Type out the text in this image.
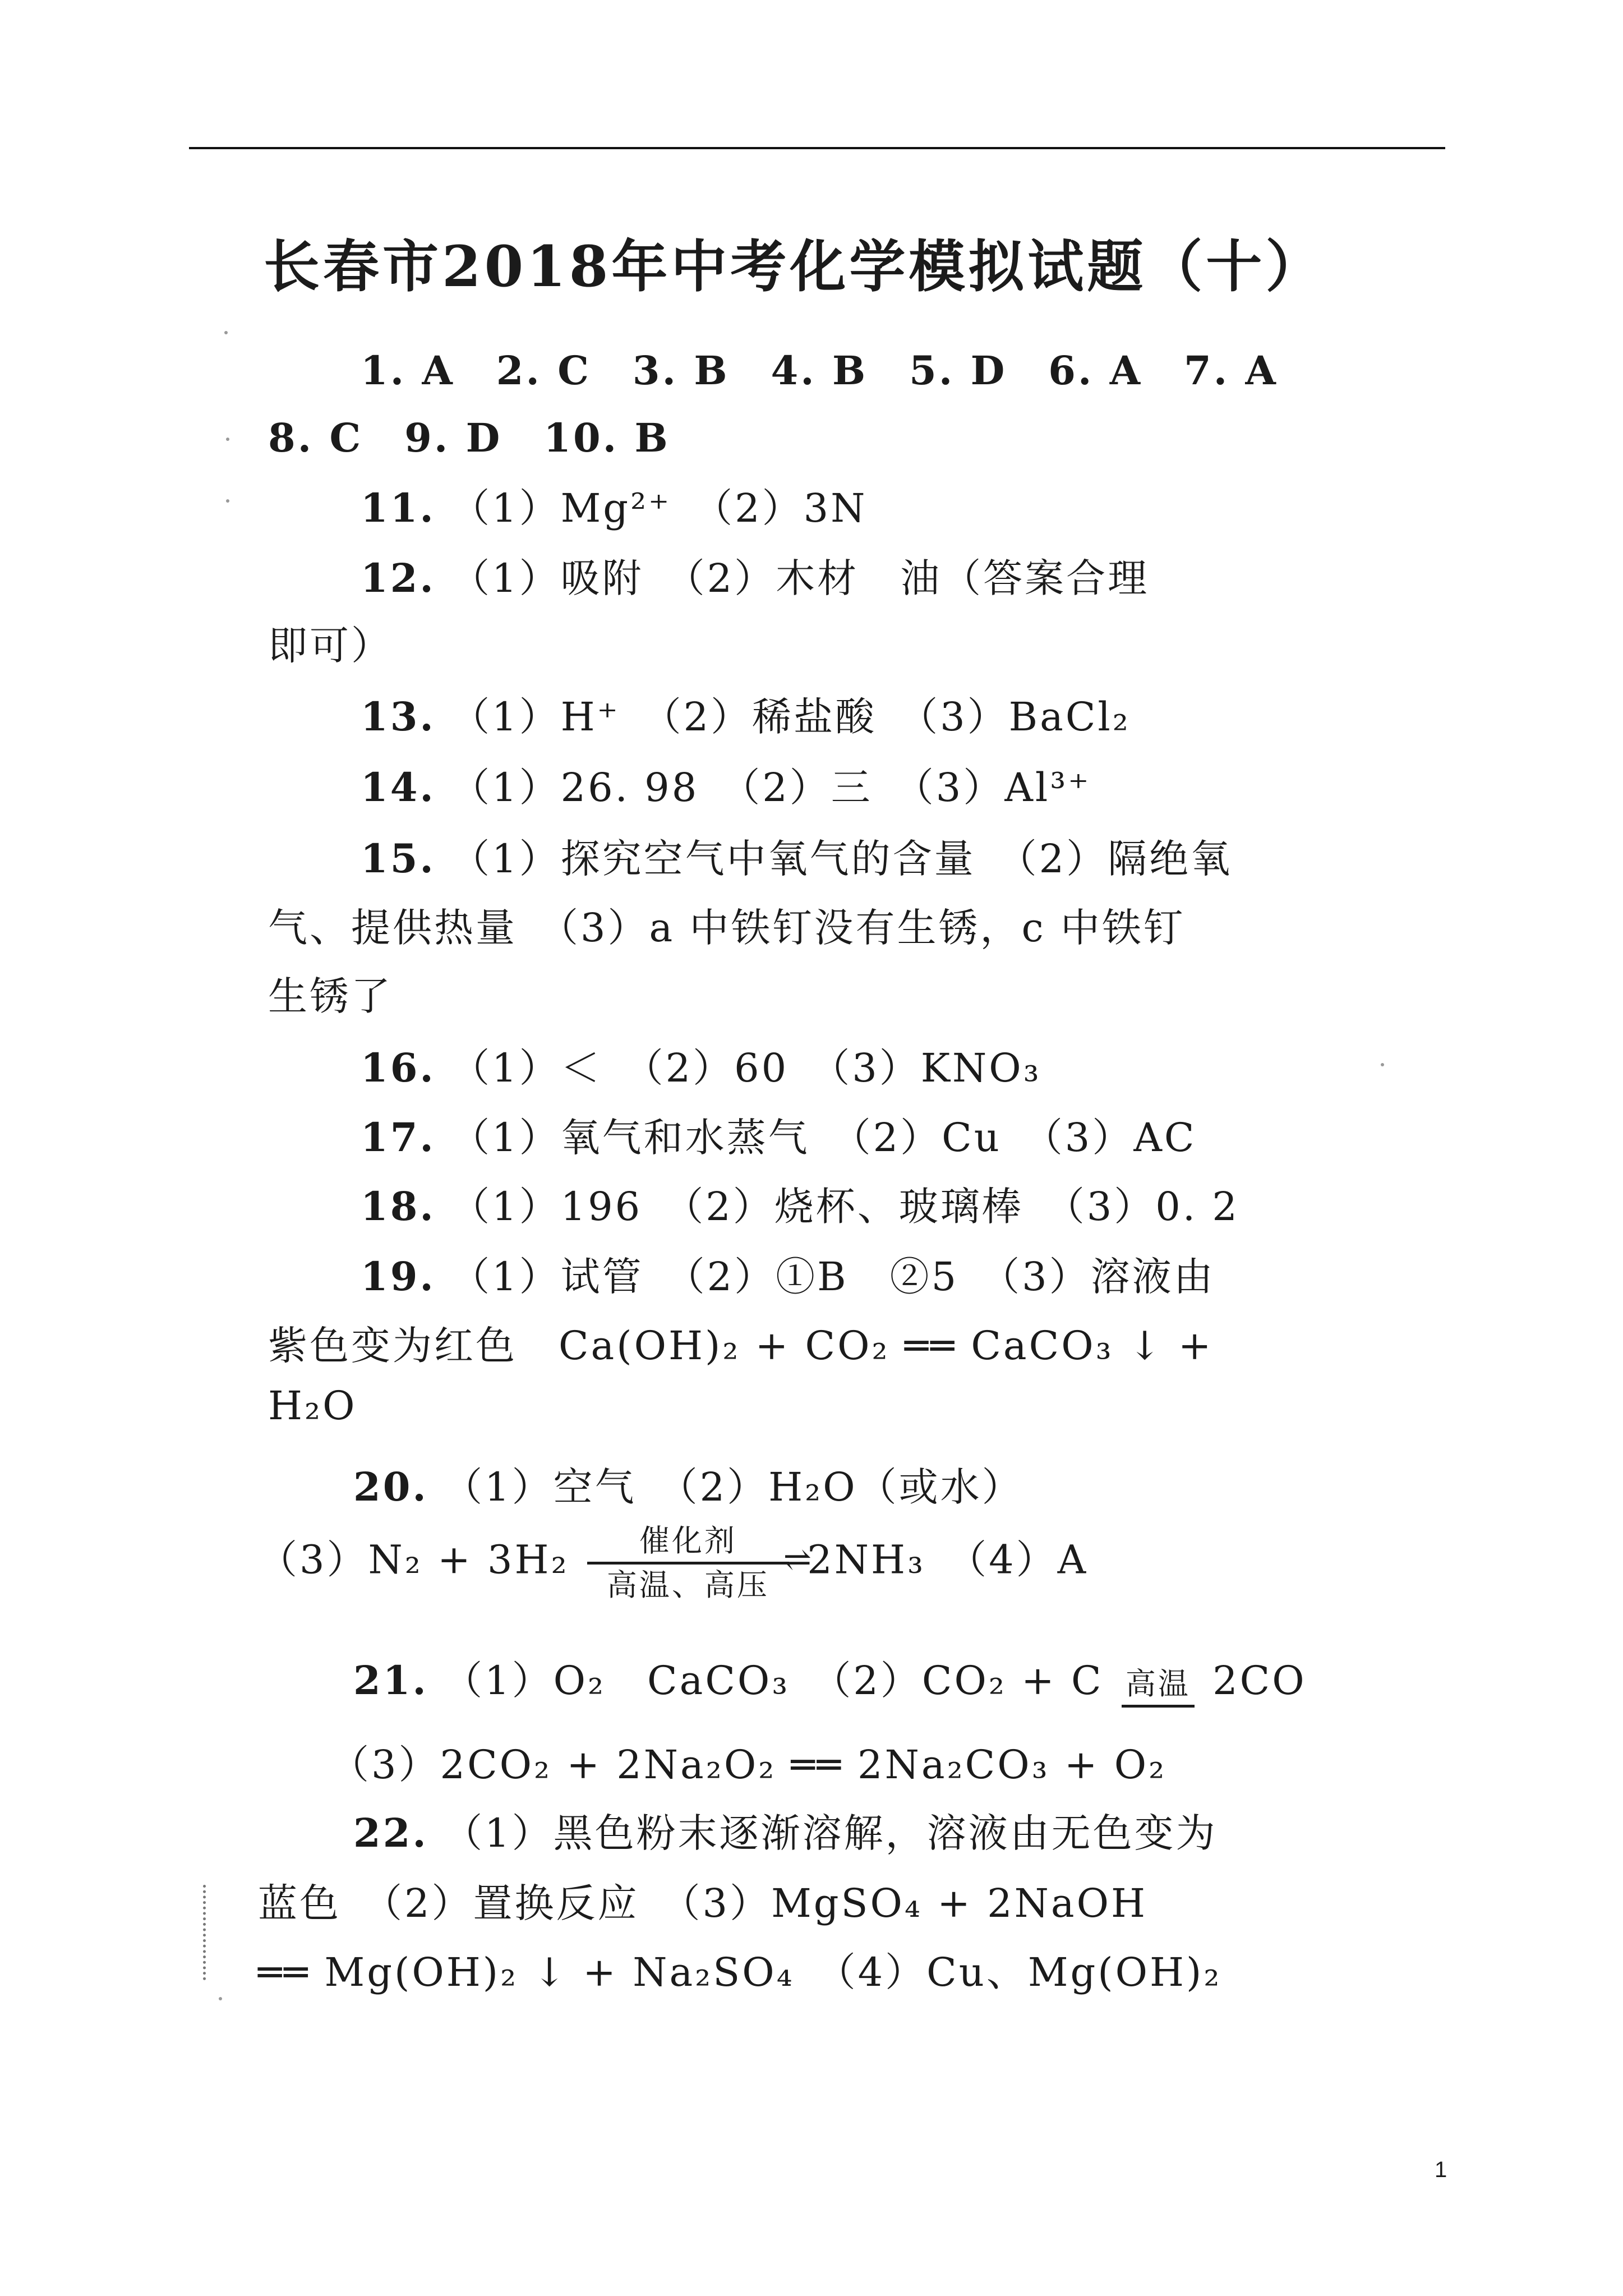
长春市2018年中考化学模拟试题（十）
1. A　2. C　3. B　4. B　5. D　6. A　7. A
8. C　9. D　10. B
11. （1）Mg²⁺　（2）3N
12. （1）吸附　（2）木材　油（答案合理
即可）
13. （1）H⁺　（2）稀盐酸　（3）BaCl₂
14. （1）26. 98　（2）三　（3）Al³⁺
15. （1）探究空气中氧气的含量　（2）隔绝氧
气、提供热量　（3）a 中铁钉没有生锈，c 中铁钉
生锈了
16. （1）＜　（2）60　（3）KNO₃
17. （1）氧气和水蒸气　（2）Cu　（3）AC
18. （1）196　（2）烧杯、玻璃棒　（3）0. 2
19. （1）试管　（2）①B　②5　（3）溶液由
紫色变为红色　Ca(OH)₂ + CO₂ ══ CaCO₃ ↓ +
H₂O
20. （1）空气　（2）H₂O（或水）
（3）N₂ + 3H₂	催化剂
⇌
高温、高压
2NH₃　（4）A
21. （1）O₂　CaCO₃　（2）CO₂ + C 高温 2CO
（3）2CO₂ + 2Na₂O₂ ══ 2Na₂CO₃ + O₂
22. （1）黑色粉末逐渐溶解，溶液由无色变为
蓝色　（2）置换反应　（3）MgSO₄ + 2NaOH
══ Mg(OH)₂ ↓ + Na₂SO₄　（4）Cu、Mg(OH)₂
1
